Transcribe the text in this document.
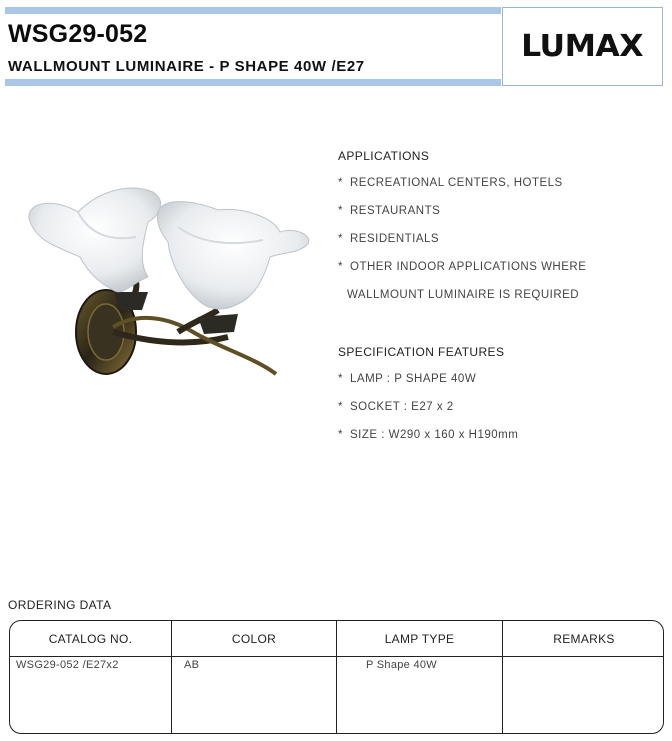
WSG29-052
WALLMOUNT LUMINAIRE - P SHAPE 40W /E27
LUMAX
APPLICATIONS
* RECREATIONAL CENTERS, HOTELS
* RESTAURANTS
* RESIDENTIALS
* OTHER INDOOR APPLICATIONS WHERE
WALLMOUNT LUMINAIRE IS REQUIRED
SPECIFICATION FEATURES
* LAMP : P SHAPE 40W
* SOCKET : E27 x 2
* SIZE : W290 x 160 x H190mm
ORDERING DATA
CATALOG NO.	COLOR	LAMP TYPE	REMARKS
WSG29-052 /E27x2	AB	P Shape 40W
